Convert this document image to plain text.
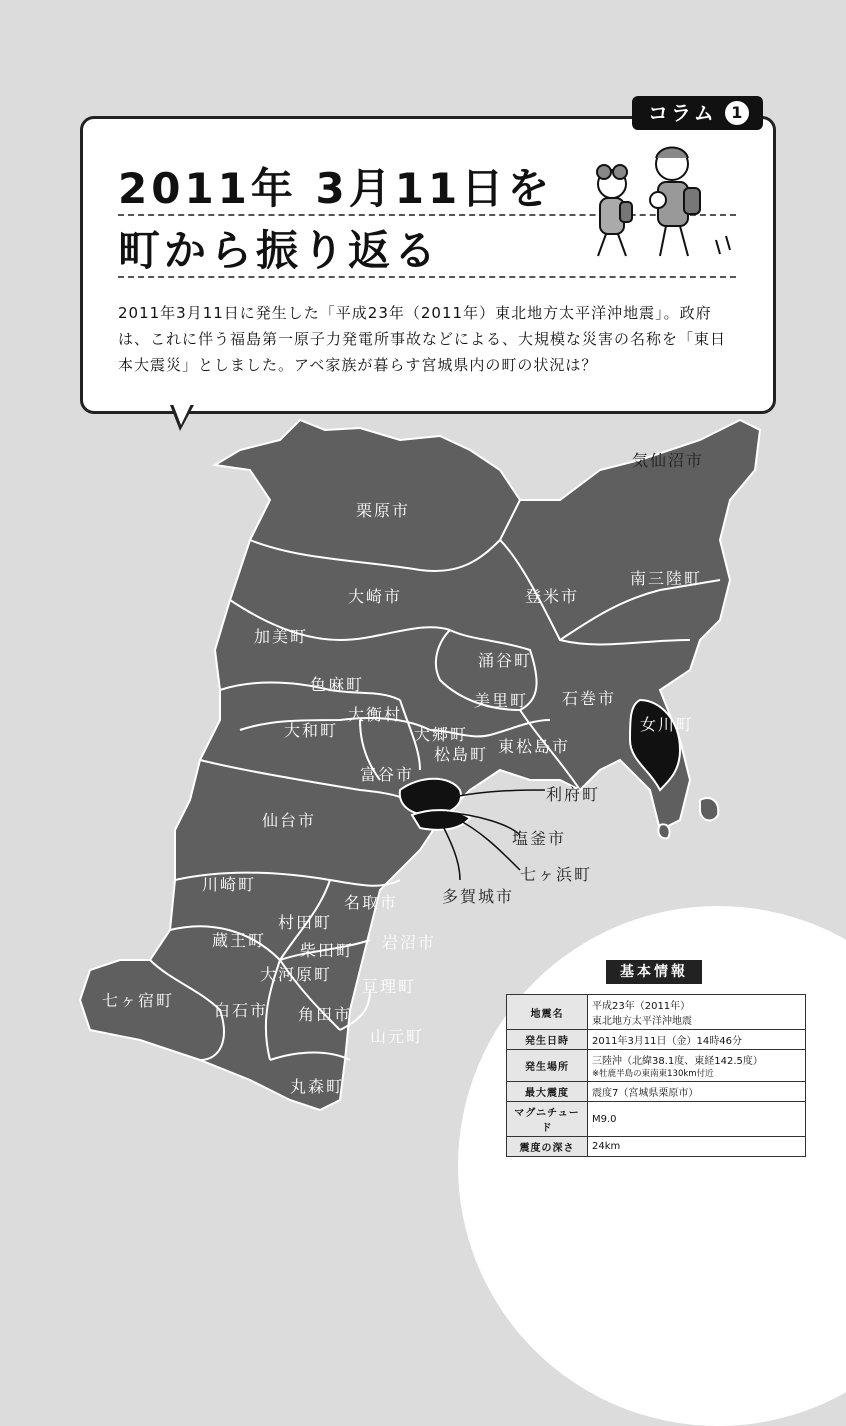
気仙沼市
栗原市
南三陸町
登米市
大崎市
加美町
涌谷町
色麻町
美里町 石巻市
女川町
大和町
大衡村
大郷町
東松島市
松島町
富谷市
利府町
仙台市
塩釜市
七ヶ浜町
多賀城市
川崎町
名取市
村田町
蔵王町	岩沼市
柴田町
大河原町
亘理町
七ヶ宿町
白石市 角田市
山元町
丸森町
コラム 1
2011年 3月11日を
町から振り返る
2011年3月11日に発生した「平成23年（2011年）東北地方太平洋沖地震」。政府は、これに伴う福島第一原子力発電所事故などによる、大規模な災害の名称を「東日本大震災」としました。アベ家族が暮らす宮城県内の町の状況は？
基本情報
地震名	平成23年（2011年）
東北地方太平洋沖地震

発生日時	2011年3月11日（金）14時46分
発生場所	三陸沖（北緯38.1度、東経142.5度）
※牡鹿半島の東南東130km付近

最大震度	震度7（宮城県栗原市）
マグニチュード	M9.0
震度の深さ	24km
